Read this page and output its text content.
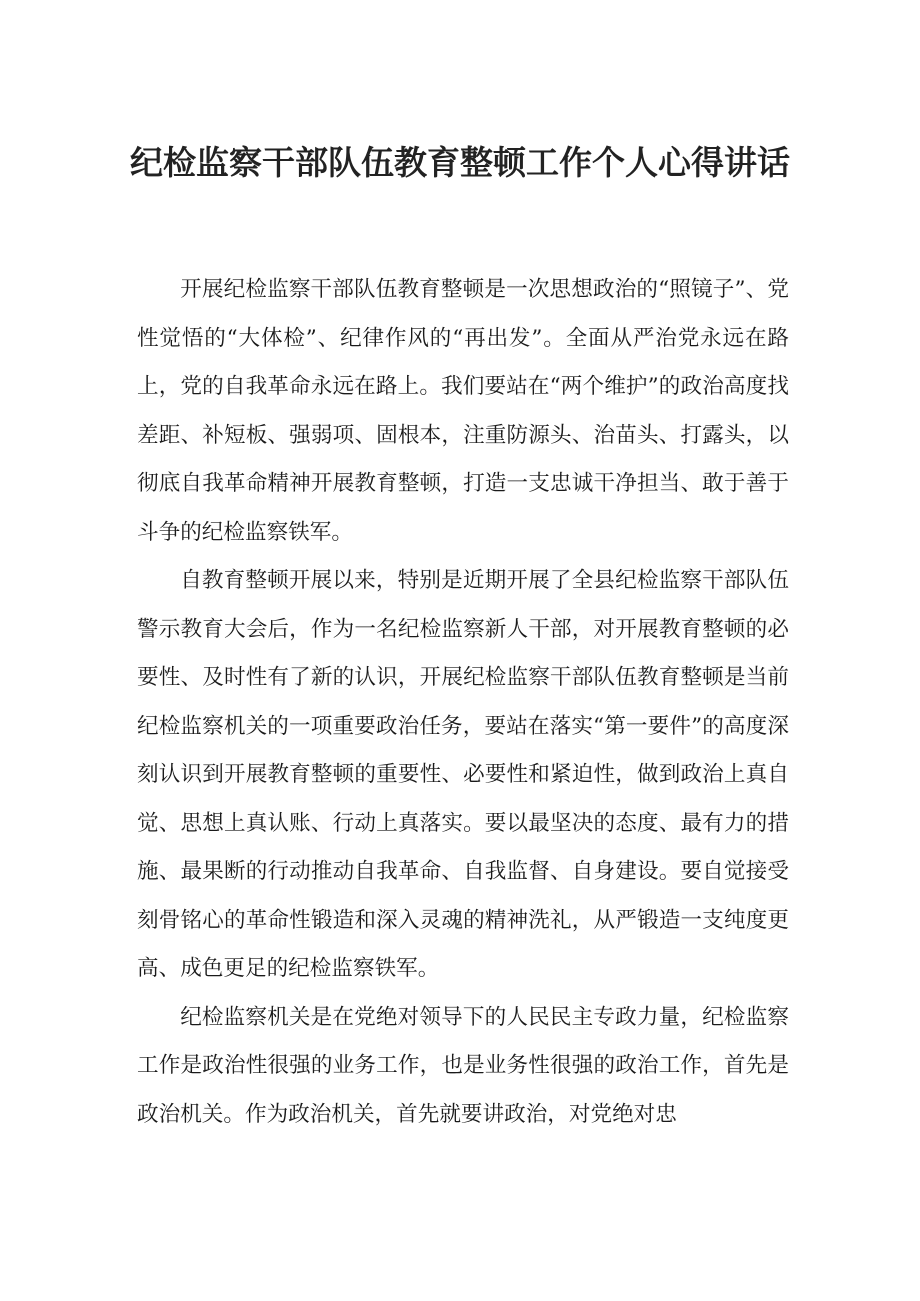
纪检监察干部队伍教育整顿工作个人心得讲话

开展纪检监察干部队伍教育整顿是一次思想政治的“照镜子”、党性觉悟的“大体检”、纪律作风的“再出发”。全面从严治党永远在路上，党的自我革命永远在路上。我们要站在“两个维护”的政治高度找差距、补短板、强弱项、固根本，注重防源头、治苗头、打露头，以彻底自我革命精神开展教育整顿，打造一支忠诚干净担当、敢于善于斗争的纪检监察铁军。

自教育整顿开展以来，特别是近期开展了全县纪检监察干部队伍警示教育大会后，作为一名纪检监察新人干部，对开展教育整顿的必要性、及时性有了新的认识，开展纪检监察干部队伍教育整顿是当前纪检监察机关的一项重要政治任务，要站在落实“第一要件”的高度深刻认识到开展教育整顿的重要性、必要性和紧迫性，做到政治上真自觉、思想上真认账、行动上真落实。要以最坚决的态度、最有力的措施、最果断的行动推动自我革命、自我监督、自身建设。要自觉接受刻骨铭心的革命性锻造和深入灵魂的精神洗礼，从严锻造一支纯度更高、成色更足的纪检监察铁军。

纪检监察机关是在党绝对领导下的人民民主专政力量，纪检监察工作是政治性很强的业务工作，也是业务性很强的政治工作，首先是政治机关。作为政治机关，首先就要讲政治，对党绝对忠
